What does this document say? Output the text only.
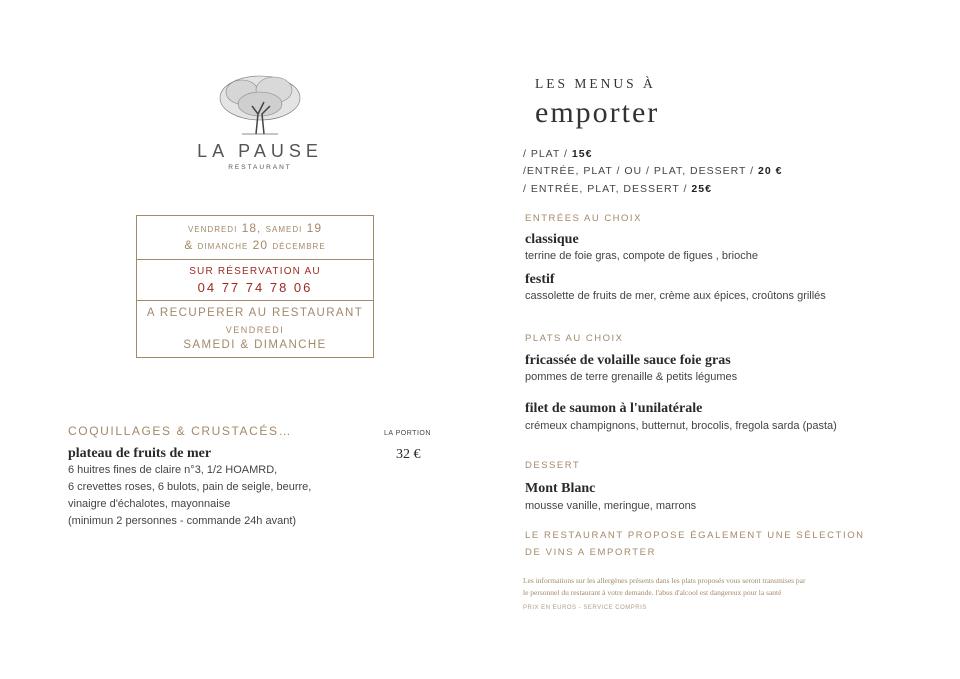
LA PAUSE
RESTAURANT
vendredi 18, samedi 19
& dimanche 20 décembre
SUR RÉSERVATION AU
04 77 74 78 06
A RECUPERER AU RESTAURANT
VENDREDI
SAMEDI & DIMANCHE
COQUILLAGES & CRUSTACÉS…	LA PORTION
plateau de fruits de mer	32 €
6 huitres fines de claire n°3, 1/2 HOAMRD,
6 crevettes roses, 6 bulots, pain de seigle, beurre,
vinaigre d'échalotes, mayonnaise
(minimun 2 personnes - commande 24h avant)
LES MENUS À
emporter
/ PLAT / 15€
/ENTRÉE, PLAT / OU / PLAT, DESSERT / 20 €
/ ENTRÉE, PLAT, DESSERT / 25€
ENTRÉES AU CHOIX
classique
terrine de foie gras, compote de figues , brioche
festif
cassolette de fruits de mer, crème aux épices, croûtons grillés
PLATS AU CHOIX
fricassée de volaille sauce foie gras
pommes de terre grenaille & petits légumes
filet de saumon à l'unilatérale
crémeux champignons, butternut, brocolis, fregola sarda (pasta)
DESSERT
Mont Blanc
mousse vanille, meringue, marrons
LE RESTAURANT PROPOSE ÉGALEMENT UNE SÉLECTION
DE VINS A EMPORTER
Les informations sur les allergènes présents dans les plats proposés vous seront transmises par
le personnel du restaurant à votre demande. l'abus d'alcool est dangereux pour la santé
PRIX EN EUROS - SERVICE COMPRIS
